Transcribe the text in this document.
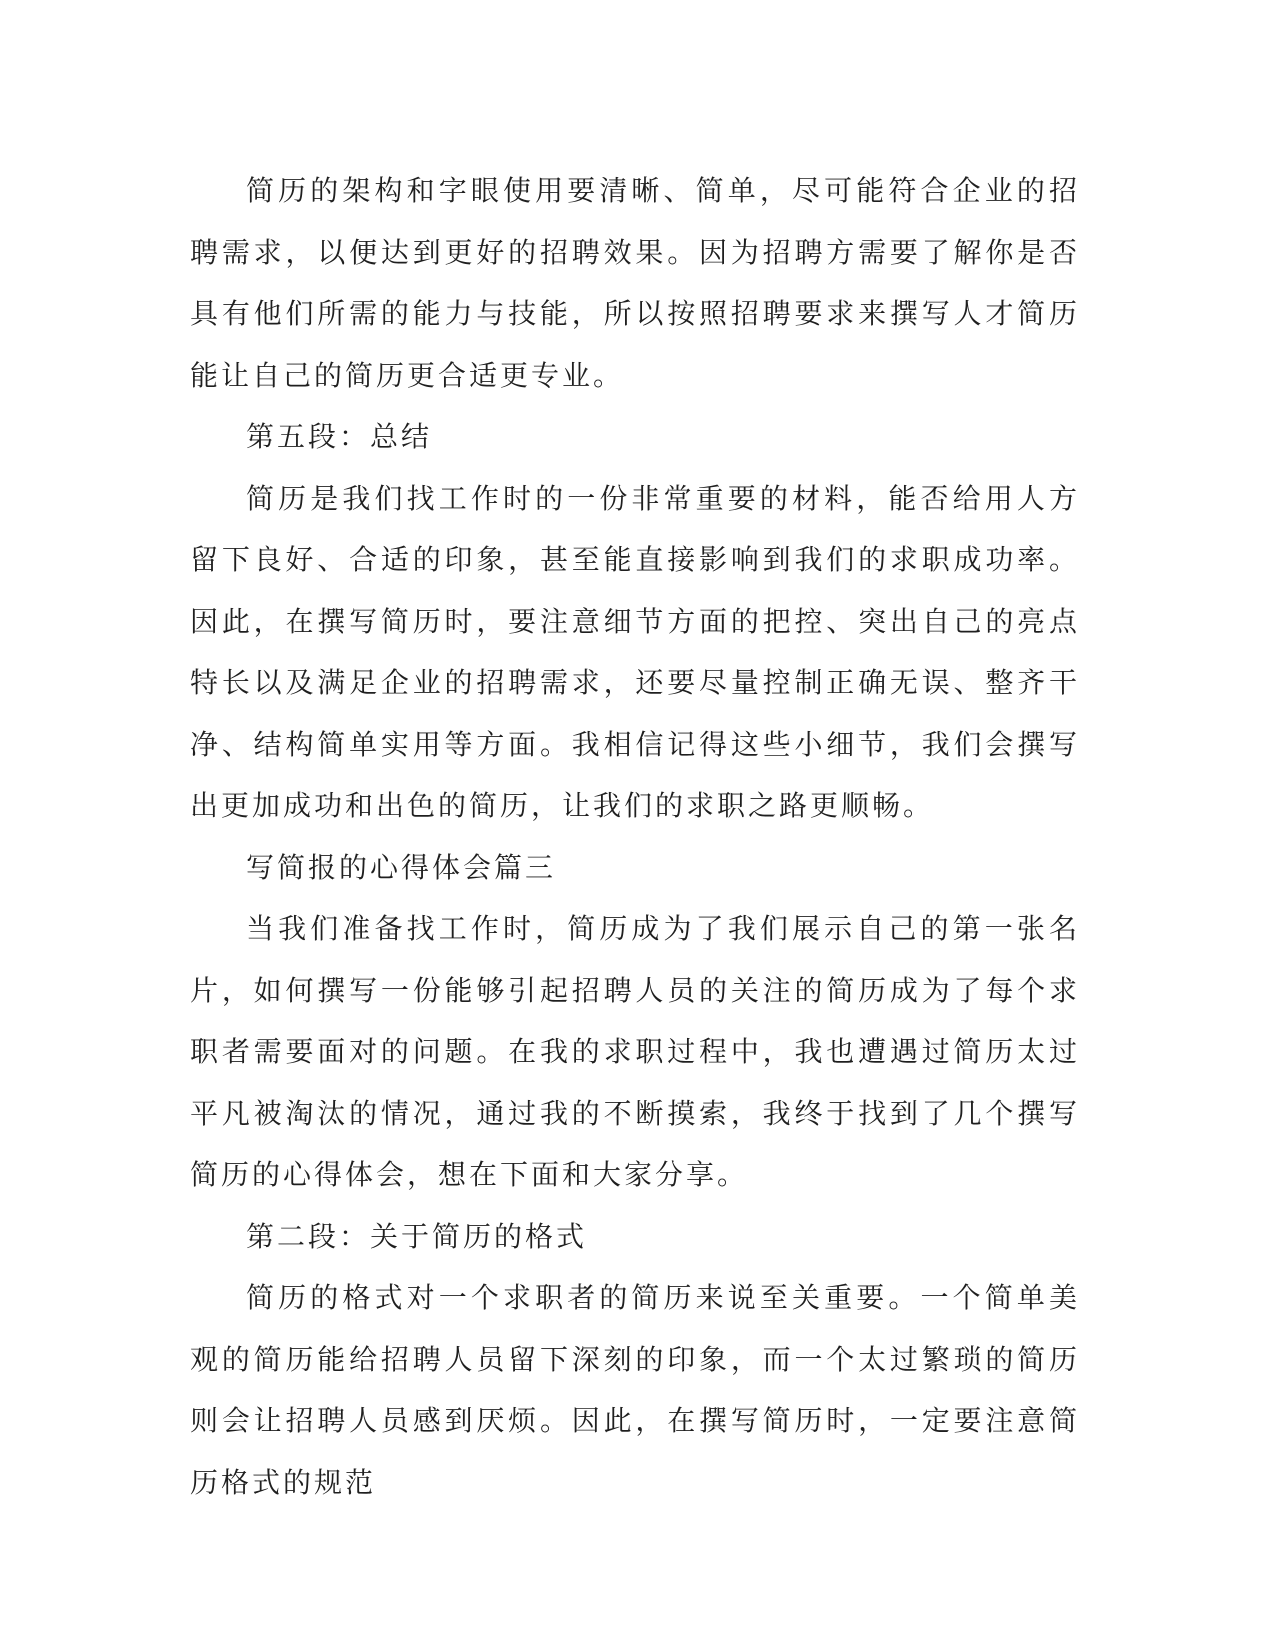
简历的架构和字眼使用要清晰、简单，尽可能符合企业的招聘需求，以便达到更好的招聘效果。因为招聘方需要了解你是否具有他们所需的能力与技能，所以按照招聘要求来撰写人才简历能让自己的简历更合适更专业。

第五段：总结

简历是我们找工作时的一份非常重要的材料，能否给用人方留下良好、合适的印象，甚至能直接影响到我们的求职成功率。因此，在撰写简历时，要注意细节方面的把控、突出自己的亮点特长以及满足企业的招聘需求，还要尽量控制正确无误、整齐干净、结构简单实用等方面。我相信记得这些小细节，我们会撰写出更加成功和出色的简历，让我们的求职之路更顺畅。

写简报的心得体会篇三

当我们准备找工作时，简历成为了我们展示自己的第一张名片，如何撰写一份能够引起招聘人员的关注的简历成为了每个求职者需要面对的问题。在我的求职过程中，我也遭遇过简历太过平凡被淘汰的情况，通过我的不断摸索，我终于找到了几个撰写简历的心得体会，想在下面和大家分享。

第二段：关于简历的格式

简历的格式对一个求职者的简历来说至关重要。一个简单美观的简历能给招聘人员留下深刻的印象，而一个太过繁琐的简历则会让招聘人员感到厌烦。因此，在撰写简历时，一定要注意简历格式的规范
